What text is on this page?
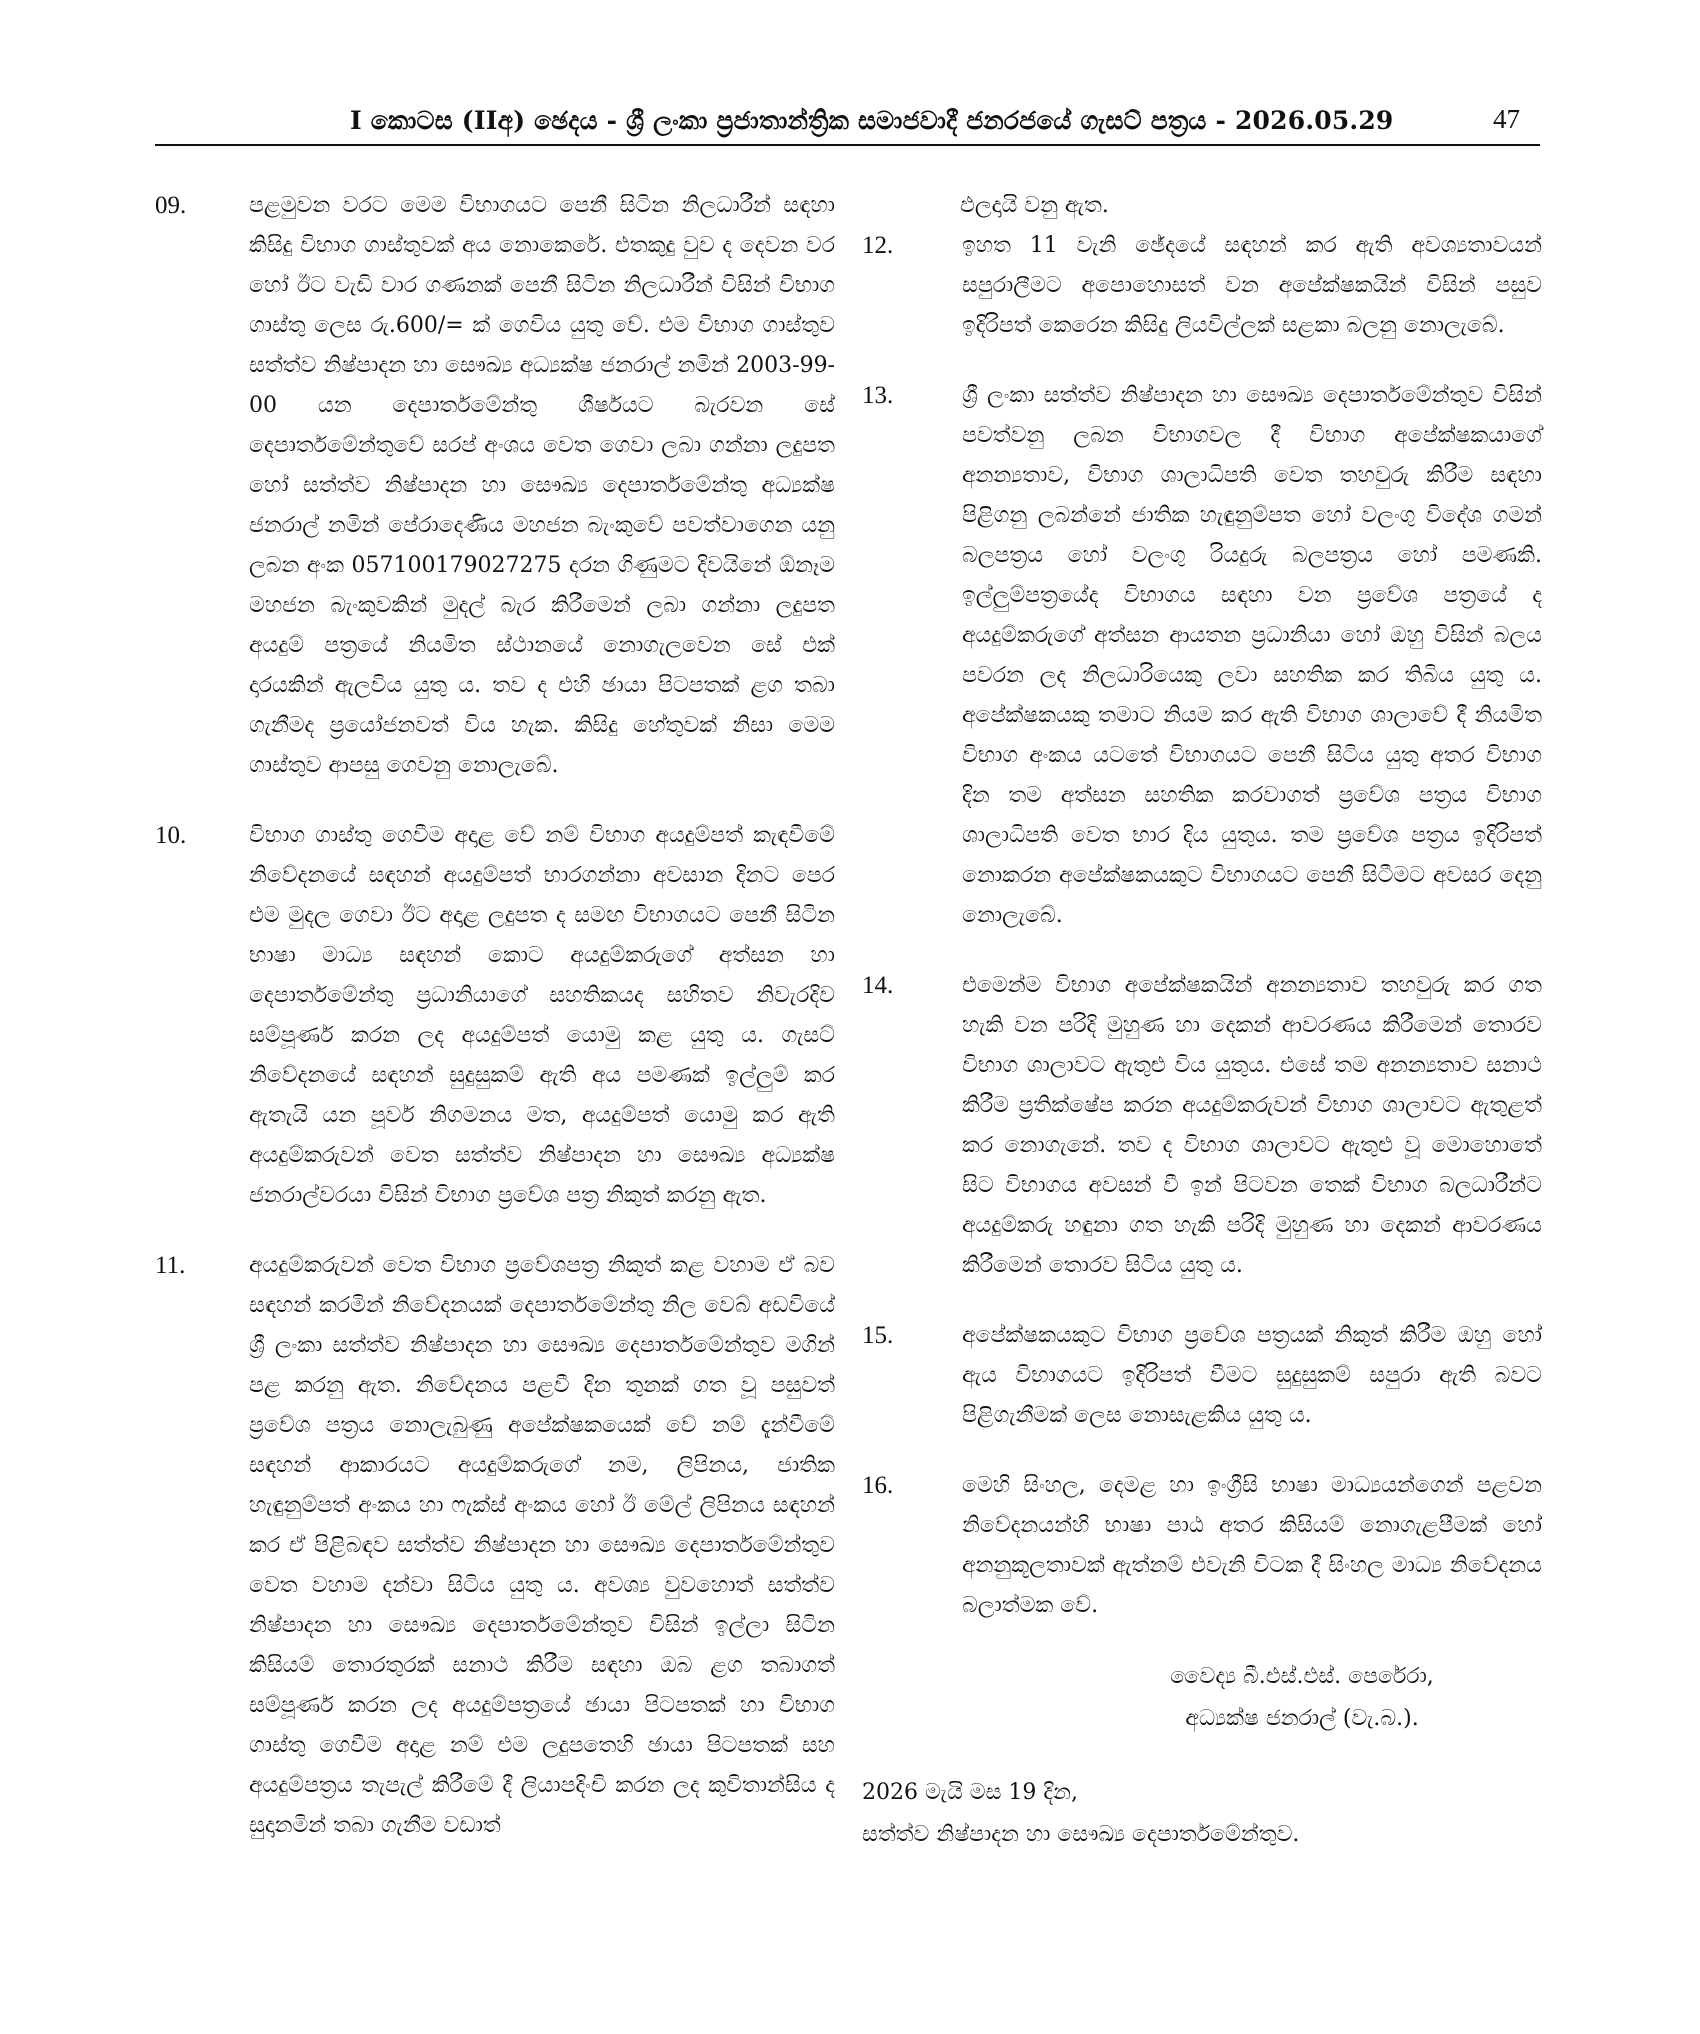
I කොටස (IIඅ) ඡෙදය - ශ්‍රී ලංකා ප්‍රජාතාන්ත්‍රික සමාජවාදී ජනරජයේ ගැසට් පත්‍රය - 2026.05.29	47
09.	පළමුවන වරට මෙම විභාගයට පෙනී සිටින නිලධාරීන් සඳහා කිසිදු විභාග ගාස්තුවක් අය නොකෙරේ. එතකුදු වුව ද දෙවන වර හෝ ඊට වැඩි වාර ගණනක් පෙනී සිටින නිලධාරීන් විසින් විභාග ගාස්තු ලෙස රු.600/= ක් ගෙවිය යුතු වේ. එම විභාග ගාස්තුව සත්ත්ව නිෂ්පාදන හා සෞඛ්‍ය අධ්‍යක්ෂ ජනරාල් නමින් 2003-99-00 යන දෙපාර්තමේන්තු ශීර්ෂයට බැරවන සේ දෙපාර්තමේන්තුවේ සරප් අංශය වෙත ගෙවා ලබා ගන්නා ලදුපත හෝ සත්ත්ව නිෂ්පාදන හා සෞඛ්‍ය දෙපාර්තමේන්තු අධ්‍යක්ෂ ජනරාල් නමින් පේරාදෙණිය මහජන බැංකුවේ පවත්වාගෙන යනු ලබන අංක 057100179027275 දරන ගිණුමට දිවයිනේ ඕනෑම මහජන බැංකුවකින් මුදල් බැර කිරීමෙන් ලබා ගන්නා ලදුපත අයදුම් පත්‍රයේ නියමිත ස්ථානයේ නොගැලවෙන සේ එක් දාරයකින් ඇලවිය යුතු ය. තව ද එහි ඡායා පිටපතක් ළග තබා ගැනීමද ප්‍රයෝජනවත් විය හැක. කිසිදු හේතුවක් නිසා මෙම ගාස්තුව ආපසු ගෙවනු නොලැබේ.
10.	විභාග ගාස්තු ගෙවීම අදාළ වේ නම් විභාග අයදුම්පත් කැඳවීමේ නිවේදනයේ සඳහන් අයදුම්පත් භාරගන්නා අවසාන දිනට පෙර එම මුදල ගෙවා ඊට අදාළ ලදුපත ද සමඟ විභාගයට පෙනී සිටින භාෂා මාධ්‍ය සඳහන් කොට අයදුම්කරුගේ අත්සන හා දෙපාර්තමේන්තු ප්‍රධානියාගේ සහතිකයද සහිතව නිවැරදිව සම්පූර්ණ කරන ලද අයදුම්පත් යොමු කළ යුතු ය. ගැසට් නිවේදනයේ සඳහන් සුදුසුකම් ඇති අය පමණක් ඉල්ලුම් කර ඇතැයි යන පූර්ව නිගමනය මත, අයදුම්පත් යොමු කර ඇති අයදුම්කරුවන් වෙත සත්ත්ව නිෂ්පාදන හා සෞඛ්‍ය අධ්‍යක්ෂ ජනරාල්වරයා විසින් විභාග ප්‍රවේශ පත්‍ර නිකුත් කරනු ඇත.
11.	අයදුම්කරුවන් වෙත විභාග ප්‍රවේශපත්‍ර නිකුත් කළ වහාම ඒ බව සඳහන් කරමින් නිවේදනයක් දෙපාර්තමේන්තු නිල වෙබ් අඩවියේ ශ්‍රී ලංකා සත්ත්ව නිෂ්පාදන හා සෞඛ්‍ය දෙපාර්තමේන්තුව මගින් පළ කරනු ඇත. නිවේදනය පළවී දින තුනක් ගත වූ පසුවත් ප්‍රවේශ පත්‍රය නොලැබුණු අපේක්ෂකයෙක් වේ නම් දැන්වීමේ සඳහන් ආකාරයට අයදුම්කරුගේ නම, ලිපිනය, ජාතික හැඳුනුම්පත් අංකය හා ෆැක්ස් අංකය හෝ ඊ මේල් ලිපිනය සඳහන් කර ඒ පිළිබඳව සත්ත්ව නිෂ්පාදන හා සෞඛ්‍ය දෙපාර්තමේන්තුව වෙත වහාම දන්වා සිටිය යුතු ය. අවශ්‍ය වුවහොත් සත්ත්ව නිෂ්පාදන හා සෞඛ්‍ය දෙපාර්තමේන්තුව විසින් ඉල්ලා සිටින කිසියම් තොරතුරක් සනාථ කිරීම සඳහා ඔබ ළග තබාගත් සම්පූර්ණ කරන ලද අයදුම්පත්‍රයේ ඡායා පිටපතක් හා විභාග ගාස්තු ගෙවීම අදාළ නම් එම ලදුපතෙහි ඡායා පිටපතක් සහ අයදුම්පත්‍රය තැපැල් කිරීමේ දී ලියාපදිංචි කරන ලද කුවිතාන්සිය ද සුදානමින් තබා ගැනීම වඩාත්
ඵලදායි වනු ඇත.
12.	ඉහත 11 වැනි ඡේදයේ සඳහන් කර ඇති අවශ්‍යතාවයන් සපුරාලීමට අපොහොසත් වන අපේක්ෂකයින් විසින් පසුව ඉදිරිපත් කෙරෙන කිසිදු ලියවිල්ලක් සළකා බලනු නොලැබේ.
13.	ශ්‍රී ලංකා සත්ත්ව නිෂ්පාදන හා සෞඛ්‍ය දෙපාර්තමේන්තුව විසින් පවත්වනු ලබන විභාගවල දී විභාග අපේක්ෂකයාගේ අනන්‍යතාව, විභාග ශාලාධිපති වෙත තහවුරු කිරීම සඳහා පිළිගනු ලබන්නේ ජාතික හැඳුනුම්පත හෝ වලංගු විදේශ ගමන් බලපත්‍රය හෝ වලංගු රියදුරු බලපත්‍රය හෝ පමණකි. ඉල්ලුම්පත්‍රයේද විභාගය සඳහා වන ප්‍රවේශ පත්‍රයේ ද අයදුම්කරුගේ අත්සන ආයතන ප්‍රධානියා හෝ ඔහු විසින් බලය පවරන ලද නිලධාරියෙකු ලවා සහතික කර තිබිය යුතු ය. අපේක්ෂකයකු තමාට නියම කර ඇති විභාග ශාලාවේ දී නියමිත විභාග අංකය යටතේ විභාගයට පෙනී සිටිය යුතු අතර විභාග දින තම අත්සන සහතික කරවාගත් ප්‍රවේශ පත්‍රය විභාග ශාලාධිපති වෙත භාර දිය යුතුය. තම ප්‍රවේශ පත්‍රය ඉදිරිපත් නොකරන අපේක්ෂකයකුට විභාගයට පෙනී සිටීමට අවසර දෙනු නොලැබේ.
14.	එමෙන්ම විභාග අපේක්ෂකයින් අනන්‍යතාව තහවුරු කර ගත හැකි වන පරිදි මුහුණ හා දෙකන් ආවරණය කිරීමෙන් තොරව විභාග ශාලාවට ඇතුළු විය යුතුය. එසේ තම අනන්‍යතාව සනාථ කිරීම ප්‍රතික්ෂේප කරන අයදුම්කරුවන් විභාග ශාලාවට ඇතුළත් කර නොගැනේ. තව ද විභාග ශාලාවට ඇතුළු වූ මොහොතේ සිට විභාගය අවසන් වී ඉන් පිටවන තෙක් විභාග බලධාරීන්ට අයදුම්කරු හඳුනා ගත හැකි පරිදි මුහුණ හා දෙකන් ආවරණය කිරීමෙන් තොරව සිටිය යුතු ය.
15.	අපේක්ෂකයකුට විභාග ප්‍රවේශ පත්‍රයක් නිකුත් කිරීම ඔහු හෝ ඇය විභාගයට ඉදිරිපත් වීමට සුදුසුකම් සපුරා ඇති බවට පිළිගැනීමක් ලෙස නොසැළකිය යුතු ය.
16.	මෙහි සිංහල, දෙමළ හා ඉංග්‍රීසි භාෂා මාධ්‍යයන්ගෙන් පළවන නිවේදනයන්හි භාෂා පාඨ අතර කිසියම් නොගැළපීමක් හෝ අනනුකූලතාවක් ඇත්නම් එවැනි විටක දී සිංහල මාධ්‍ය නිවේදනය බලාත්මක වේ.
වෛද්‍ය බී.එස්.එස්. පෙරේරා,
අධ්‍යක්ෂ ජනරාල් (වැ.බ.).
2026 මැයි මස 19 දින,
සත්ත්ව නිෂ්පාදන හා සෞඛ්‍ය දෙපාර්තමේන්තුව.
